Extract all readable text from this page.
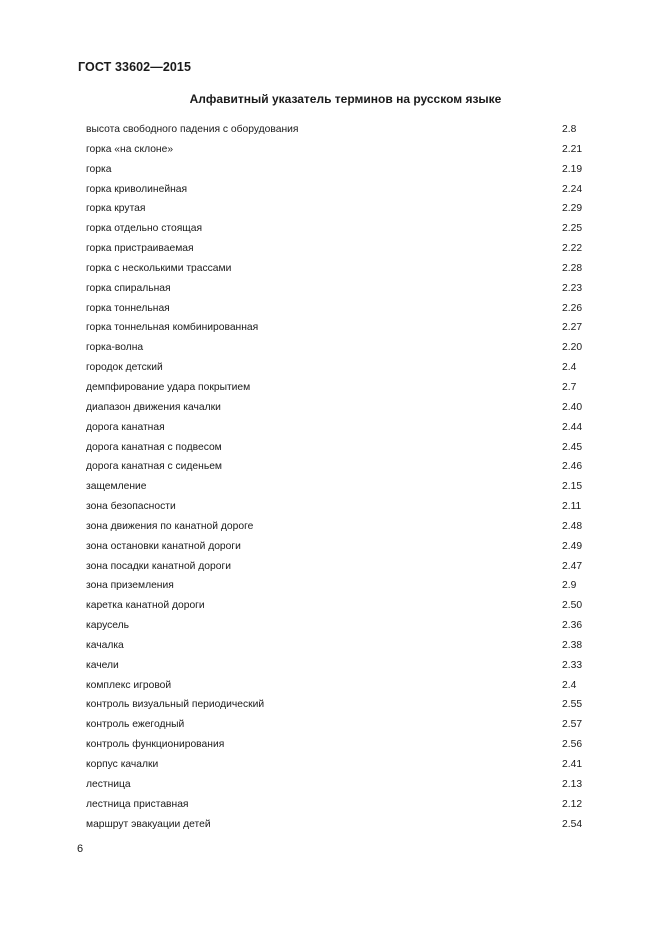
ГОСТ 33602—2015
Алфавитный указатель терминов на русском языке
высота свободного падения с оборудования	2.8
горка «на склоне»	2.21
горка	2.19
горка криволинейная	2.24
горка крутая	2.29
горка отдельно стоящая	2.25
горка пристраиваемая	2.22
горка с несколькими трассами	2.28
горка спиральная	2.23
горка тоннельная	2.26
горка тоннельная комбинированная	2.27
горка-волна	2.20
городок детский	2.4
демпфирование удара покрытием	2.7
диапазон движения качалки	2.40
дорога канатная	2.44
дорога канатная с подвесом	2.45
дорога канатная с сиденьем	2.46
защемление	2.15
зона безопасности	2.11
зона движения по канатной дороге	2.48
зона остановки канатной дороги	2.49
зона посадки канатной дороги	2.47
зона приземления	2.9
каретка канатной дороги	2.50
карусель	2.36
качалка	2.38
качели	2.33
комплекс игровой	2.4
контроль визуальный периодический	2.55
контроль ежегодный	2.57
контроль функционирования	2.56
корпус качалки	2.41
лестница	2.13
лестница приставная	2.12
маршрут эвакуации детей	2.54
6
